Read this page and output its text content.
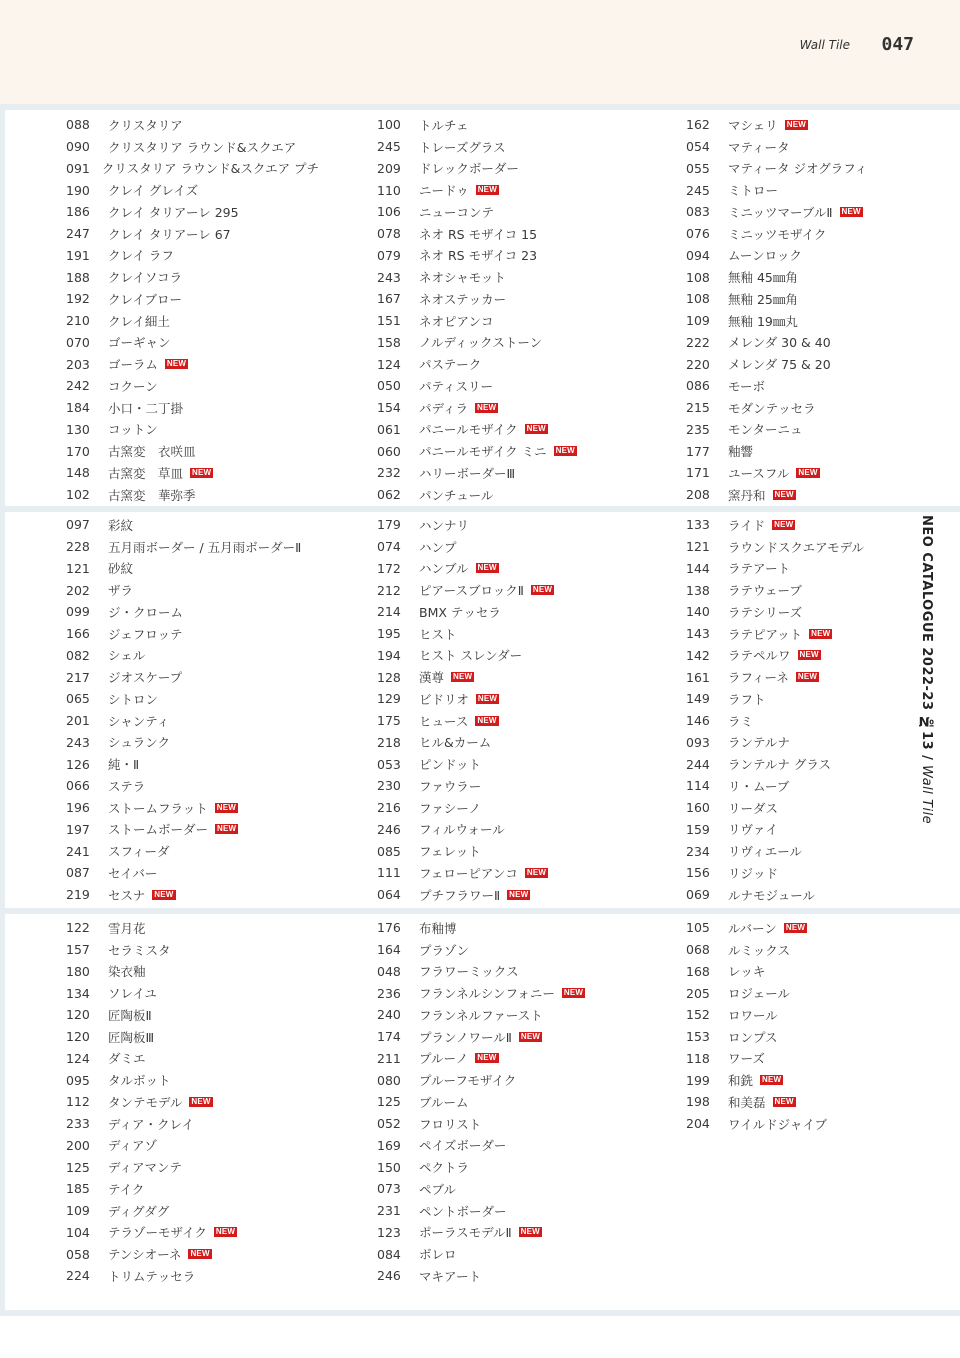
Wall Tile 047
088	クリスタリア	100	トルチェ	162	マシェリ NEW
090	クリスタリア ラウンド&スクエア	245	トレーズグラス	054	マティータ
091 クリスタリア ラウンド&スクエア プチ	209	ドレックボーダー	055	マティータ ジオグラフィ
190	クレイ グレイズ	110	ニードゥ NEW	245	ミトロー
186	クレイ タリアーレ 295	106	ニューコンテ	083	ミニッツマーブルⅡ NEW
247	クレイ タリアーレ 67	078	ネオ RS モザイコ 15	076	ミニッツモザイク
191	クレイ ラフ	079	ネオ RS モザイコ 23	094	ムーンロック
188	クレイソコラ	243	ネオシャモット	108	無釉 45㎜角
192	クレイブロー	167	ネオステッカー	108	無釉 25㎜角
210	クレイ細土	151	ネオピアンコ	109	無釉 19㎜丸
070	ゴーギャン	158	ノルディックストーン	222	メレンダ 30 & 40
203	ゴーラム NEW	124	パステーク	220	メレンダ 75 & 20
242	コクーン	050	パティスリー	086	モーボ
184	小口・二丁掛	154	パディラ NEW	215	モダンテッセラ
130	コットン	061	パニールモザイク NEW	235	モンターニュ
170	古窯変　衣咲皿	060	パニールモザイク ミニ NEW	177	釉響
148	古窯変　草皿 NEW	232	ハリーボーダーⅢ	171	ユースフル NEW
102	古窯変　華弥季	062	パンチュール	208	窯丹和 NEW
097	彩紋	179	ハンナリ	133	ライド NEW
228	五月雨ボーダー / 五月雨ボーダーⅡ	074	ハンプ	121	ラウンドスクエアモデル
121	砂紋	172	ハンブル NEW	144	ラテアート
202	ザラ	212	ピアースブロックⅡ NEW	138	ラテウェーブ
099	ジ・クローム	214	BMX テッセラ	140	ラテシリーズ
166	ジェフロッテ	195	ヒスト	143	ラテピアット NEW
082	シェル	194	ヒスト スレンダー	142	ラテペルワ NEW
217	ジオスケープ	128	漢尊 NEW	161	ラフィーネ NEW
065	シトロン	129	ビドリオ NEW	149	ラフト
201	シャンティ	175	ヒュース NEW	146	ラミ
243	シュランク	218	ヒル&カーム	093	ランテルナ
126	純・Ⅱ	053	ピンドット	244	ランテルナ グラス
066	ステラ	230	ファウラー	114	リ・ムーブ
196	ストームフラット NEW	216	ファシーノ	160	リーダス
197	ストームボーダー NEW	246	フィルウォール	159	リヴァイ
241	スフィーダ	085	フェレット	234	リヴィエール
087	セイバー	111	フェローピアンコ NEW	156	リジッド
219	セスナ NEW	064	プチフラワーⅡ NEW	069	ルナモジュール
122	雪月花	176	布釉博	105	ルバーン NEW
157	セラミスタ	164	プラゾン	068	ルミックス
180	染衣釉	048	フラワーミックス	168	レッキ
134	ソレイユ	236	フランネルシンフォニー NEW	205	ロジェール
120	匠陶板Ⅱ	240	フランネルファースト	152	ロワール
120	匠陶板Ⅲ	174	プランノワールⅡ NEW	153	ロンプス
124	ダミエ	211	プルーノ NEW	118	ワーズ
095	タルボット	080	プルーフモザイク	199	和銑 NEW
112	タンテモデル NEW	125	ブルーム	198	和美磊 NEW
233	ディア・クレイ	052	フロリスト	204	ワイルドジャイブ
200	ディアゾ	169	ペイズボーダー
125	ディアマンテ	150	ペクトラ
185	テイク	073	ペブル
109	ディグダグ	231	ペントボーダー
104	テラゾーモザイク NEW	123	ポーラスモデルⅡ NEW
058	テンシオーネ NEW	084	ボレロ
224	トリムテッセラ	246	マキアート
NEO CATALOGUE 2022-23 №13 / Wall Tile
